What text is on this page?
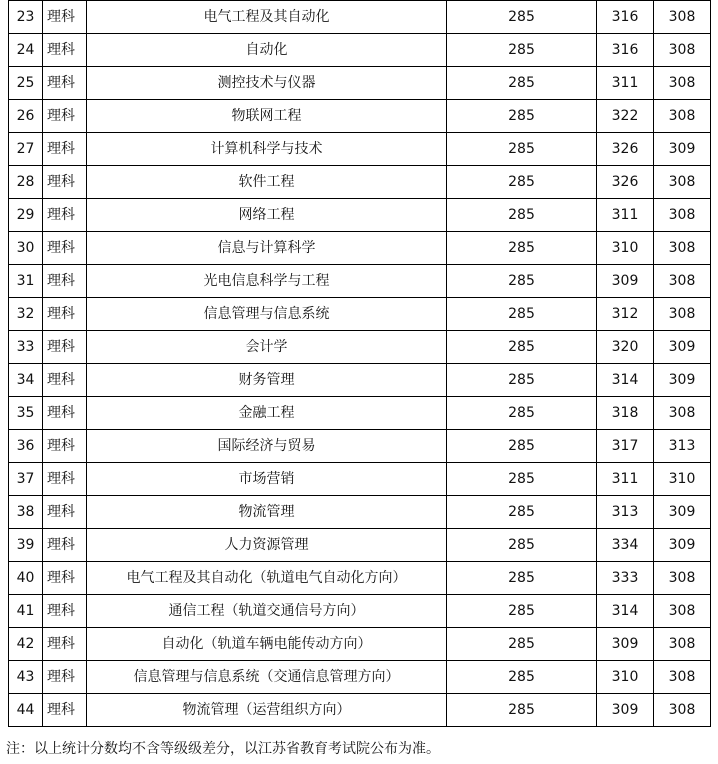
23	理科	电气工程及其自动化	285	316	308
24	理科	自动化	285	316	308
25	理科	测控技术与仪器	285	311	308
26	理科	物联网工程	285	322	308
27	理科	计算机科学与技术	285	326	309
28	理科	软件工程	285	326	308
29	理科	网络工程	285	311	308
30	理科	信息与计算科学	285	310	308
31	理科	光电信息科学与工程	285	309	308
32	理科	信息管理与信息系统	285	312	308
33	理科	会计学	285	320	309
34	理科	财务管理	285	314	309
35	理科	金融工程	285	318	308
36	理科	国际经济与贸易	285	317	313
37	理科	市场营销	285	311	310
38	理科	物流管理	285	313	309
39	理科	人力资源管理	285	334	309
40	理科	电气工程及其自动化（轨道电气自动化方向）	285	333	308
41	理科	通信工程（轨道交通信号方向）	285	314	308
42	理科	自动化（轨道车辆电能传动方向）	285	309	308
43	理科	信息管理与信息系统（交通信息管理方向）	285	310	308
44	理科	物流管理（运营组织方向）	285	309	308
注：以上统计分数均不含等级级差分，以江苏省教育考试院公布为准。
